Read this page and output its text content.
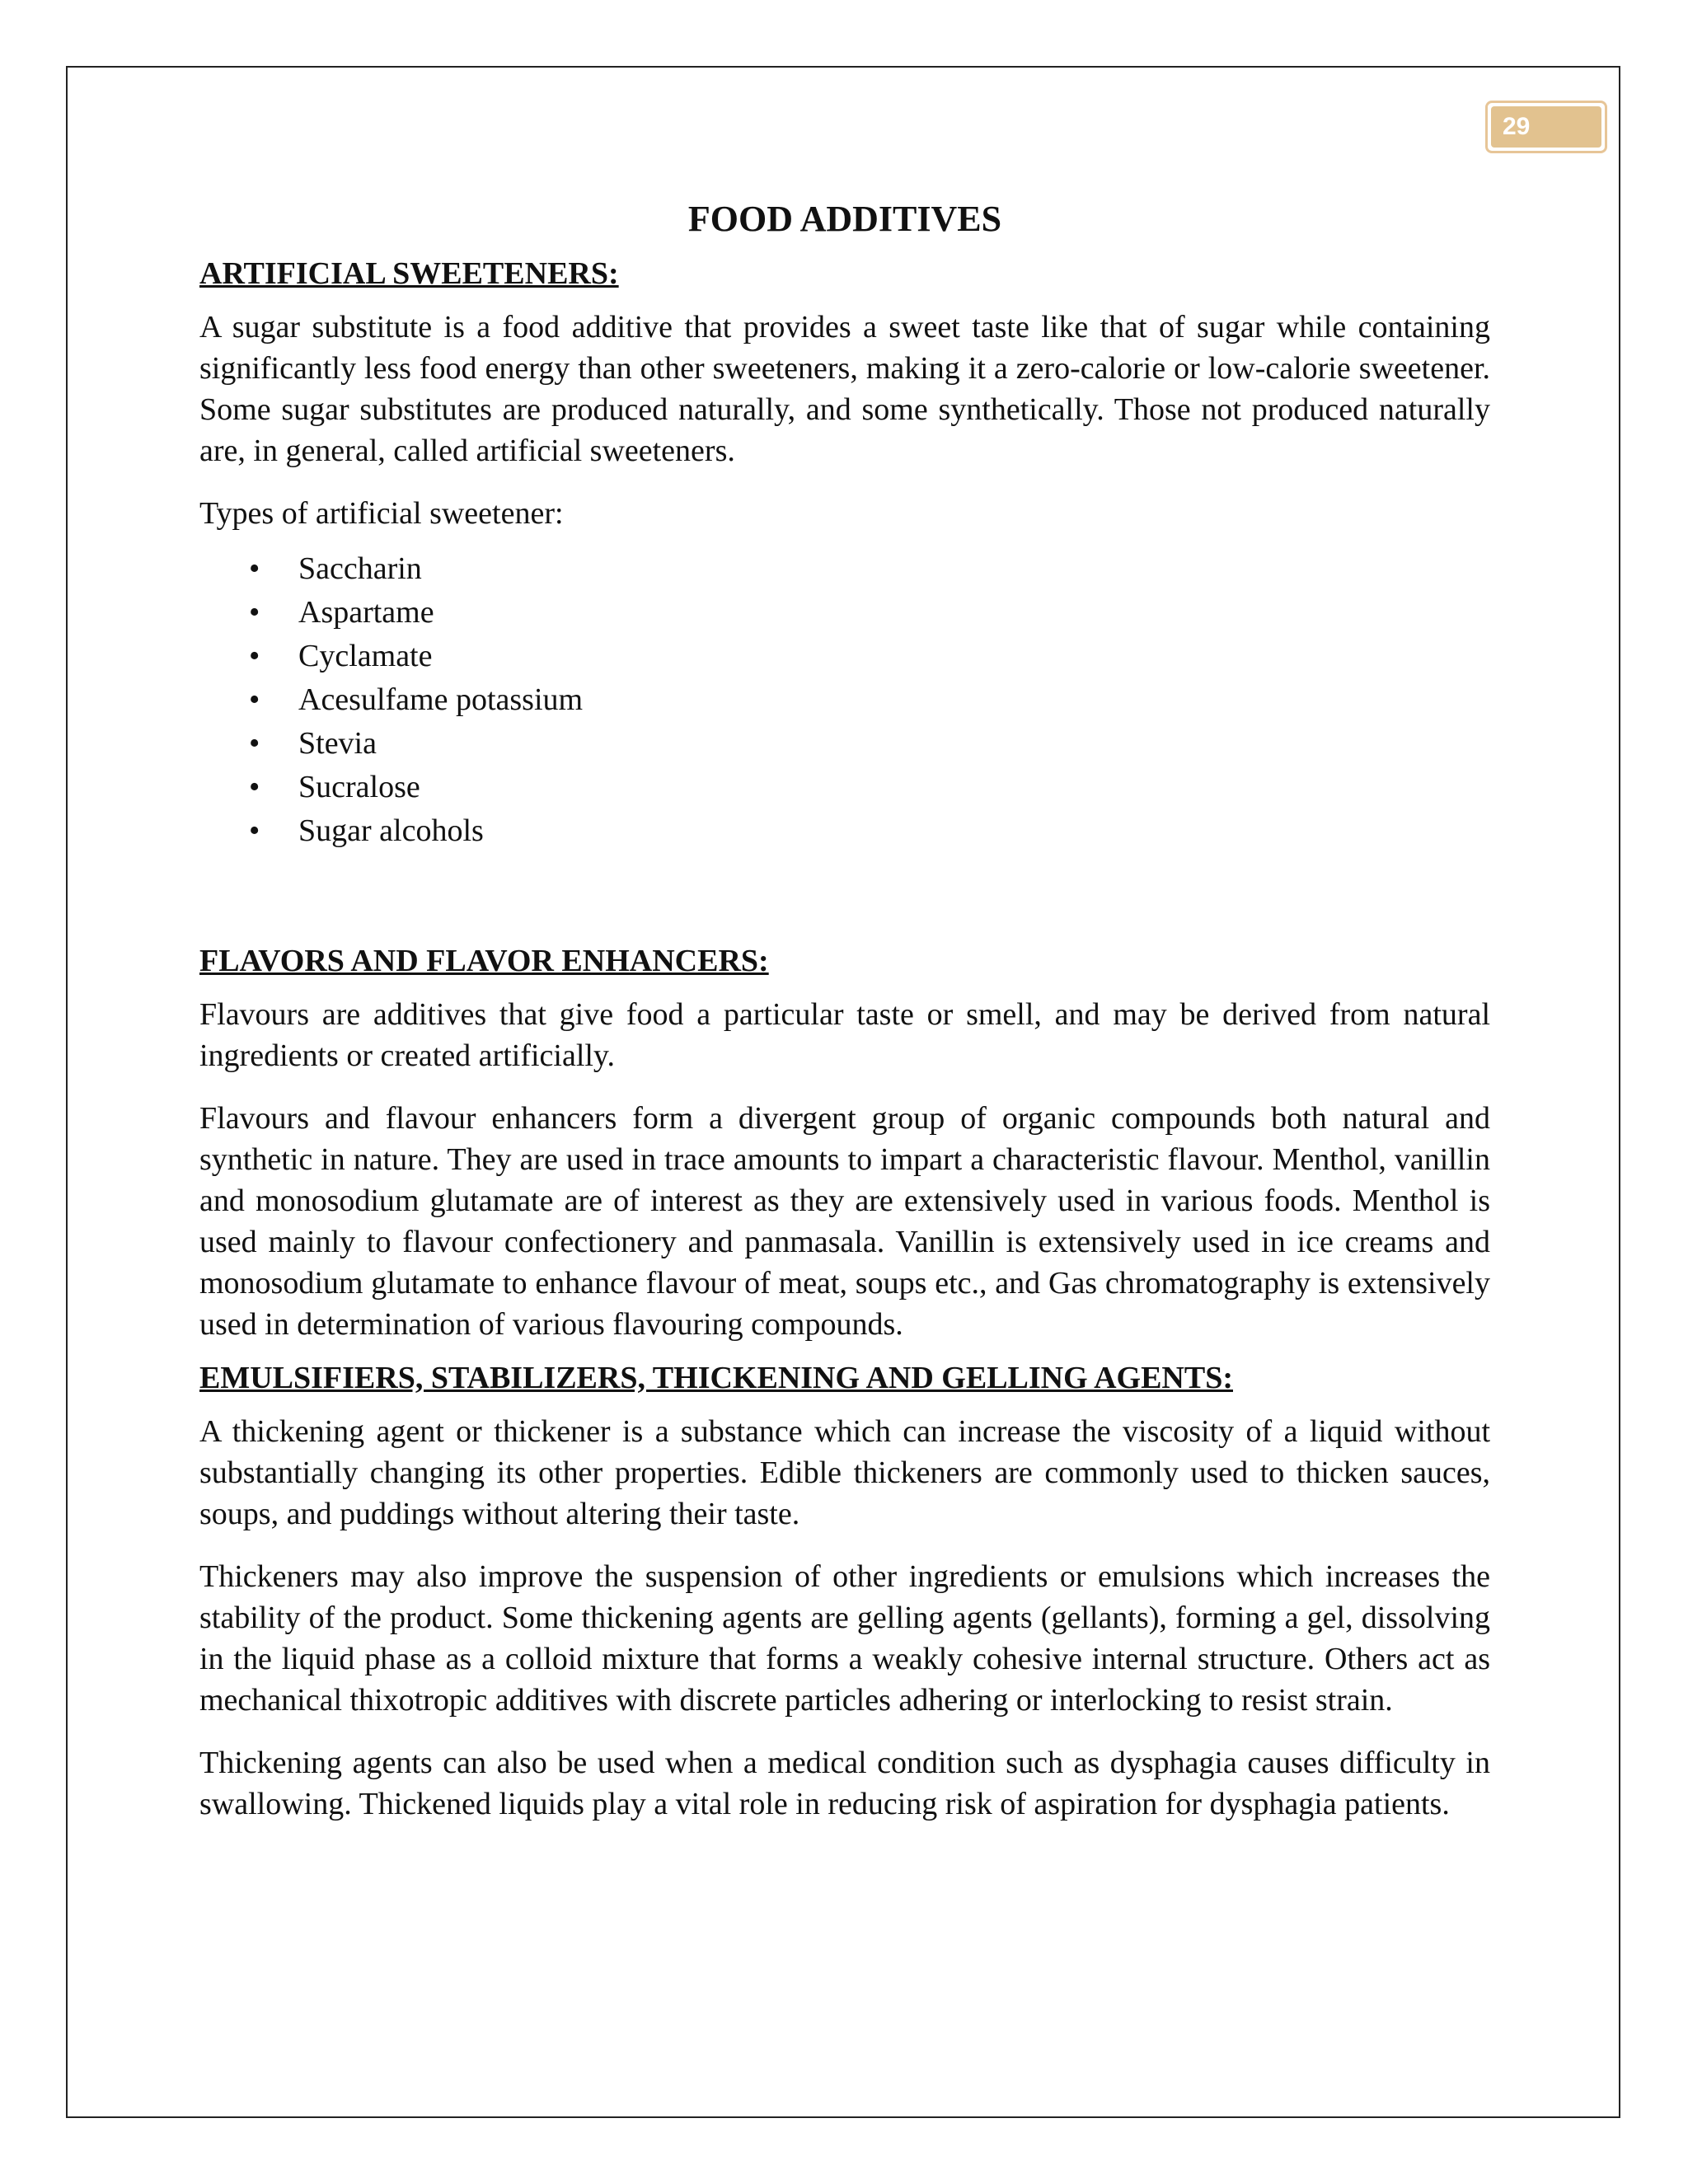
29
FOOD ADDITIVES
ARTIFICIAL SWEETENERS:

A sugar substitute is a food additive that provides a sweet taste like that of sugar while containing significantly less food energy than other sweeteners, making it a zero-calorie or low-calorie sweetener. Some sugar substitutes are produced naturally, and some synthetically. Those not produced naturally are, in general, called artificial sweeteners.

Types of artificial sweetener:

• Saccharin
• Aspartame
• Cyclamate
• Acesulfame potassium
• Stevia
• Sucralose
• Sugar alcohols
FLAVORS AND FLAVOR ENHANCERS:

Flavours are additives that give food a particular taste or smell, and may be derived from natural ingredients or created artificially.

Flavours and flavour enhancers form a divergent group of organic compounds both natural and synthetic in nature. They are used in trace amounts to impart a characteristic flavour. Menthol, vanillin and monosodium glutamate are of interest as they are extensively used in various foods. Menthol is used mainly to flavour confectionery and panmasala. Vanillin is extensively used in ice creams and monosodium glutamate to enhance flavour of meat, soups etc., and Gas chromatography is extensively used in determination of various flavouring compounds.

EMULSIFIERS, STABILIZERS, THICKENING AND GELLING AGENTS:

A thickening agent or thickener is a substance which can increase the viscosity of a liquid without substantially changing its other properties. Edible thickeners are commonly used to thicken sauces, soups, and puddings without altering their taste.

Thickeners may also improve the suspension of other ingredients or emulsions which increases the stability of the product. Some thickening agents are gelling agents (gellants), forming a gel, dissolving in the liquid phase as a colloid mixture that forms a weakly cohesive internal structure. Others act as mechanical thixotropic additives with discrete particles adhering or interlocking to resist strain.

Thickening agents can also be used when a medical condition such as dysphagia causes difficulty in swallowing. Thickened liquids play a vital role in reducing risk of aspiration for dysphagia patients.
